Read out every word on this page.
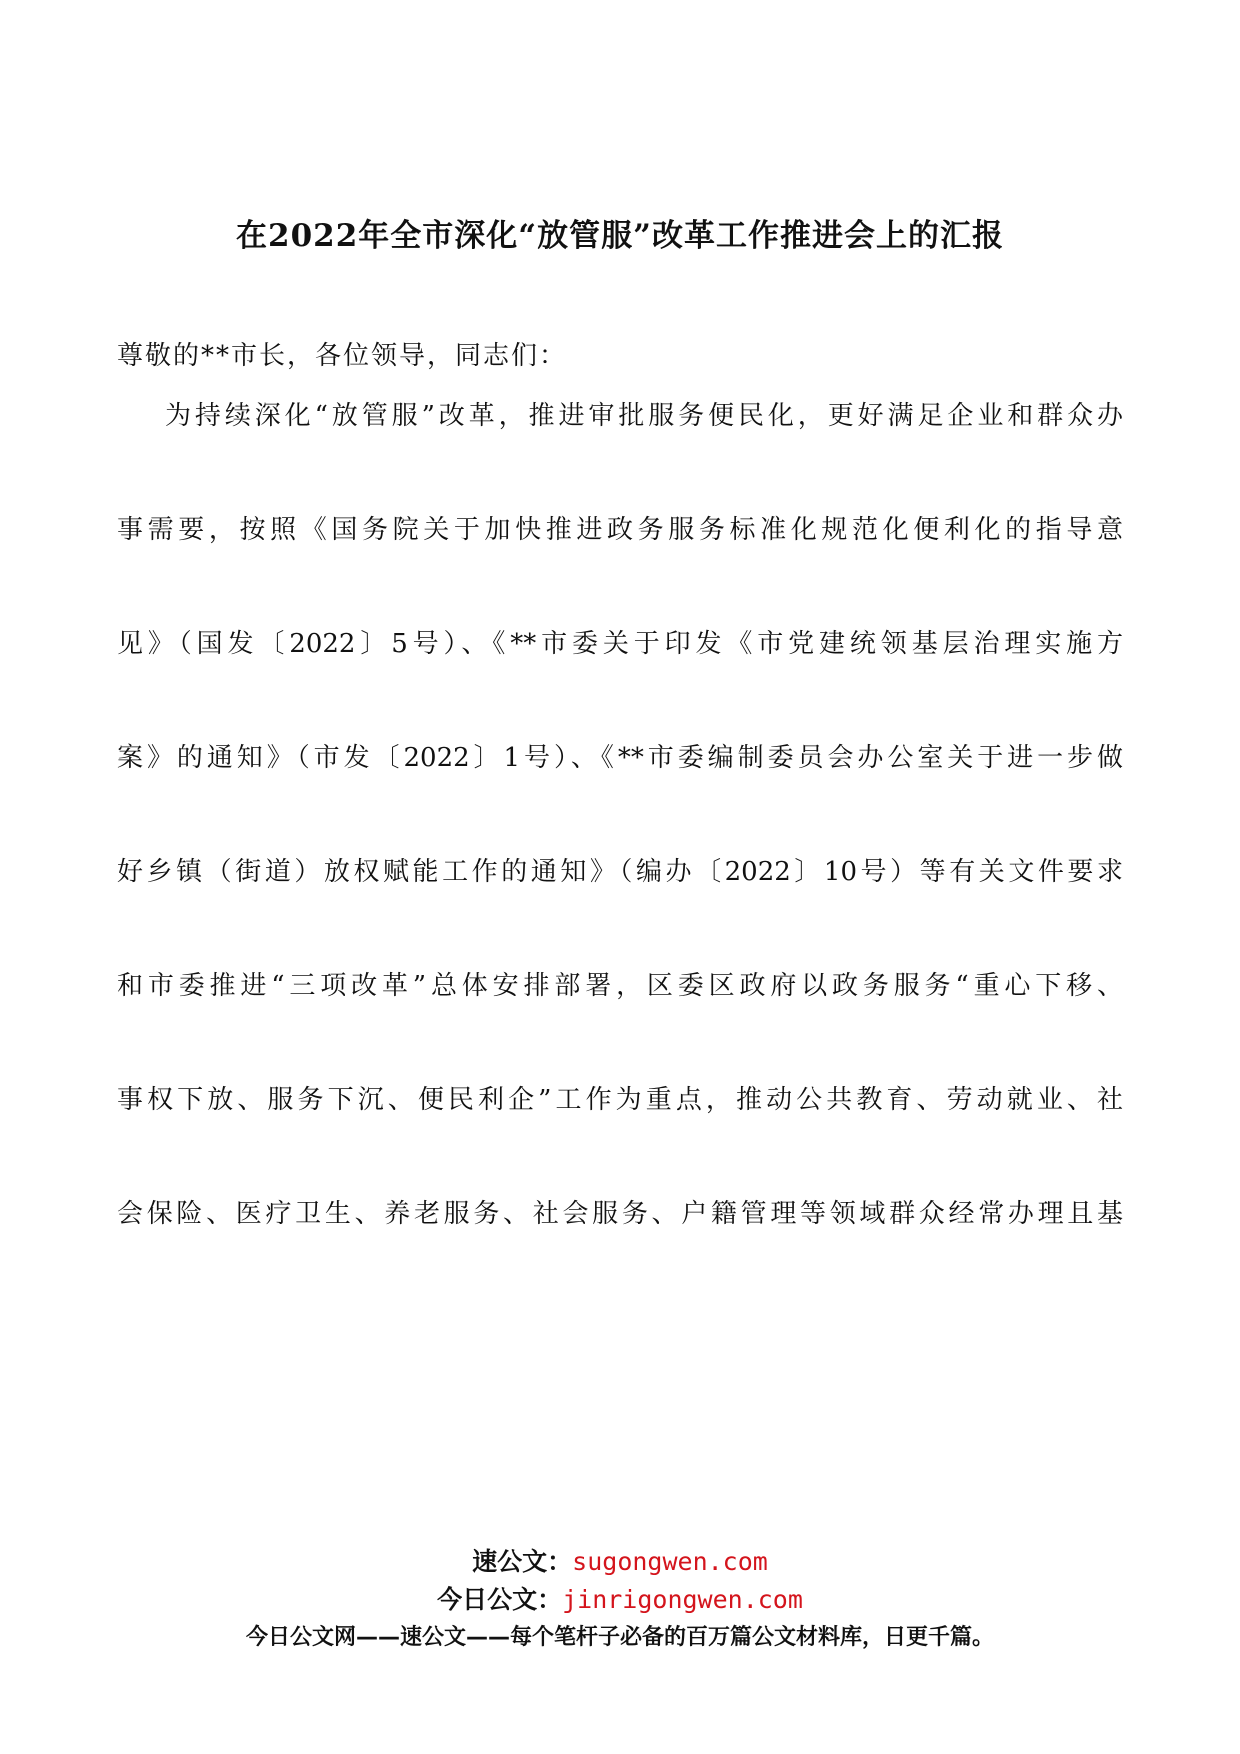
在2022年全市深化“放管服”改革工作推进会上的汇报

尊敬的**市长，各位领导，同志们：

为持续深化“放管服”改革，推进审批服务便民化，更好满足企业和群众办

事需要，按照《国务院关于加快推进政务服务标准化规范化便利化的指导意

见》（国发〔2022〕5号）、《**市委关于印发《市党建统领基层治理实施方

案》的通知》（市发〔2022〕1号）、《**市委编制委员会办公室关于进一步做

好乡镇（街道）放权赋能工作的通知》（编办〔2022〕10号）等有关文件要求

和市委推进“三项改革”总体安排部署，区委区政府以政务服务“重心下移、

事权下放、服务下沉、便民利企”工作为重点，推动公共教育、劳动就业、社

会保险、医疗卫生、养老服务、社会服务、户籍管理等领域群众经常办理且基

速公文：sugongwen.com
今日公文：jinrigongwen.com
今日公文网——速公文——每个笔杆子必备的百万篇公文材料库，日更千篇。
